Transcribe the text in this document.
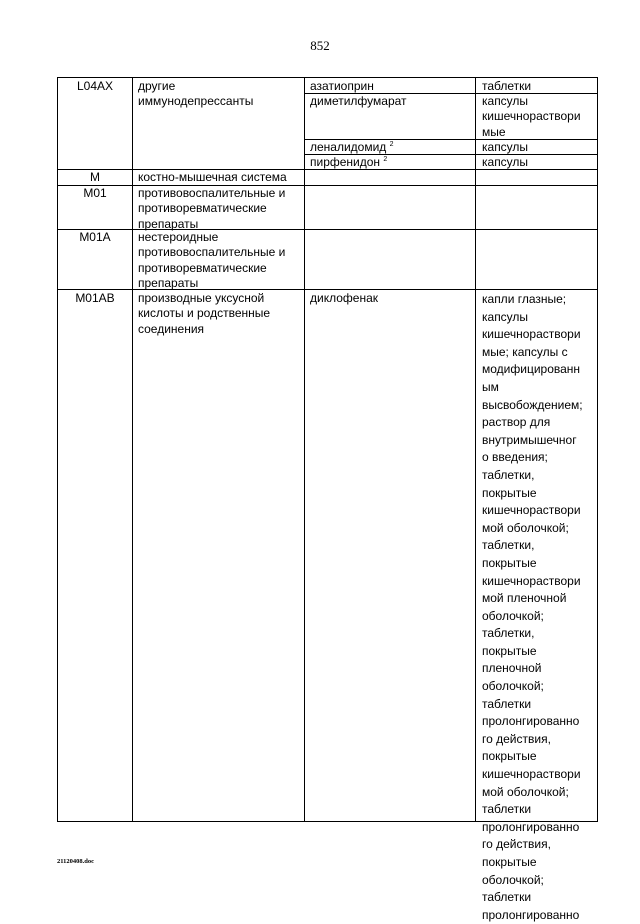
852
L04AX	другие
иммунодепрессанты
азатиоприн	таблетки
диметилфумарат	капсулы
кишечнораствори
мые
леналидомид $^2$	капсулы
пирфенидон $^2$	капсулы
M	костно-мышечная система
M01	противовоспалительные и
противоревматические
препараты
M01A	нестероидные
противовоспалительные и
противоревматические
препараты
M01AB	производные уксусной
кислоты и родственные
соединения
диклофенак	капли глазные;
капсулы
кишечнораствори
мые; капсулы с
модифицированн
ым
высвобождением;
раствор для
внутримышечног
о введения;
таблетки,
покрытые
кишечнораствори
мой оболочкой;
таблетки,
покрытые
кишечнораствори
мой пленочной
оболочкой;
таблетки,
покрытые
пленочной
оболочкой;
таблетки
пролонгированно
го действия,
покрытые
кишечнораствори
мой оболочкой;
таблетки
пролонгированно
го действия,
покрытые
оболочкой;
таблетки
пролонгированно
21120408.doc
